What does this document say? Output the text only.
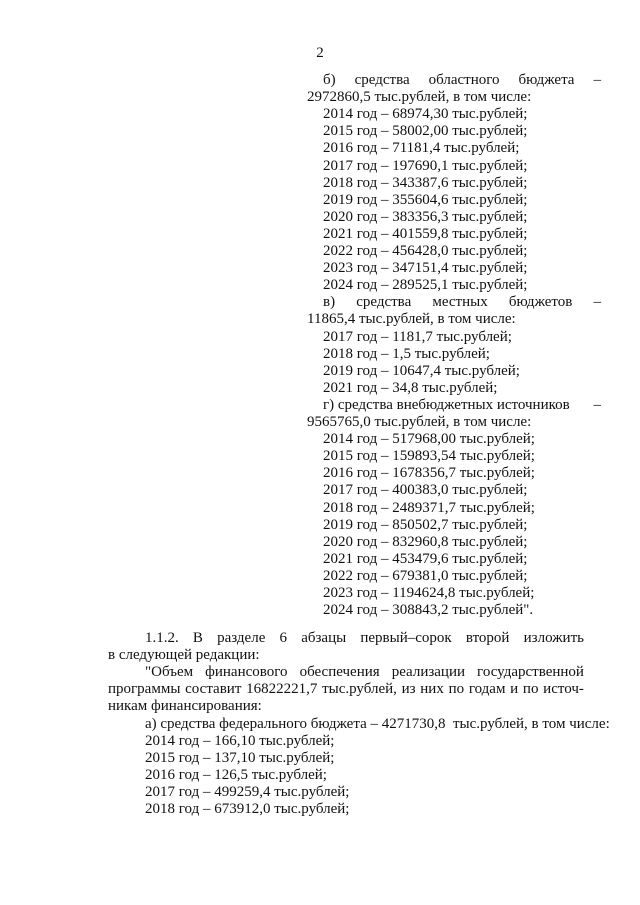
2
б) средства областного бюджета –
2972860,5 тыс.рублей, в том числе:
2014 год – 68974,30 тыс.рублей;
2015 год – 58002,00 тыс.рублей;
2016 год – 71181,4 тыс.рублей;
2017 год – 197690,1 тыс.рублей;
2018 год – 343387,6 тыс.рублей;
2019 год – 355604,6 тыс.рублей;
2020 год – 383356,3 тыс.рублей;
2021 год – 401559,8 тыс.рублей;
2022 год – 456428,0 тыс.рублей;
2023 год – 347151,4 тыс.рублей;
2024 год – 289525,1 тыс.рублей;
в) средства местных бюджетов –
11865,4 тыс.рублей, в том числе:
2017 год – 1181,7 тыс.рублей;
2018 год – 1,5 тыс.рублей;
2019 год – 10647,4 тыс.рублей;
2021 год – 34,8 тыс.рублей;
г) средства внебюджетных источников –
9565765,0 тыс.рублей, в том числе:
2014 год – 517968,00 тыс.рублей;
2015 год – 159893,54 тыс.рублей;
2016 год – 1678356,7 тыс.рублей;
2017 год – 400383,0 тыс.рублей;
2018 год – 2489371,7 тыс.рублей;
2019 год – 850502,7 тыс.рублей;
2020 год – 832960,8 тыс.рублей;
2021 год – 453479,6 тыс.рублей;
2022 год – 679381,0 тыс.рублей;
2023 год – 1194624,8 тыс.рублей;
2024 год – 308843,2 тыс.рублей".
1.1.2. В разделе 6 абзацы первый–сорок второй изложить
в следующей редакции:
"Объем финансового обеспечения реализации государственной
программы составит 16822221,7 тыс.рублей, из них по годам и по источ-
никам финансирования:
а) средства федерального бюджета – 4271730,8  тыс.рублей, в том числе:
2014 год – 166,10 тыс.рублей;
2015 год – 137,10 тыс.рублей;
2016 год – 126,5 тыс.рублей;
2017 год – 499259,4 тыс.рублей;
2018 год – 673912,0 тыс.рублей;
